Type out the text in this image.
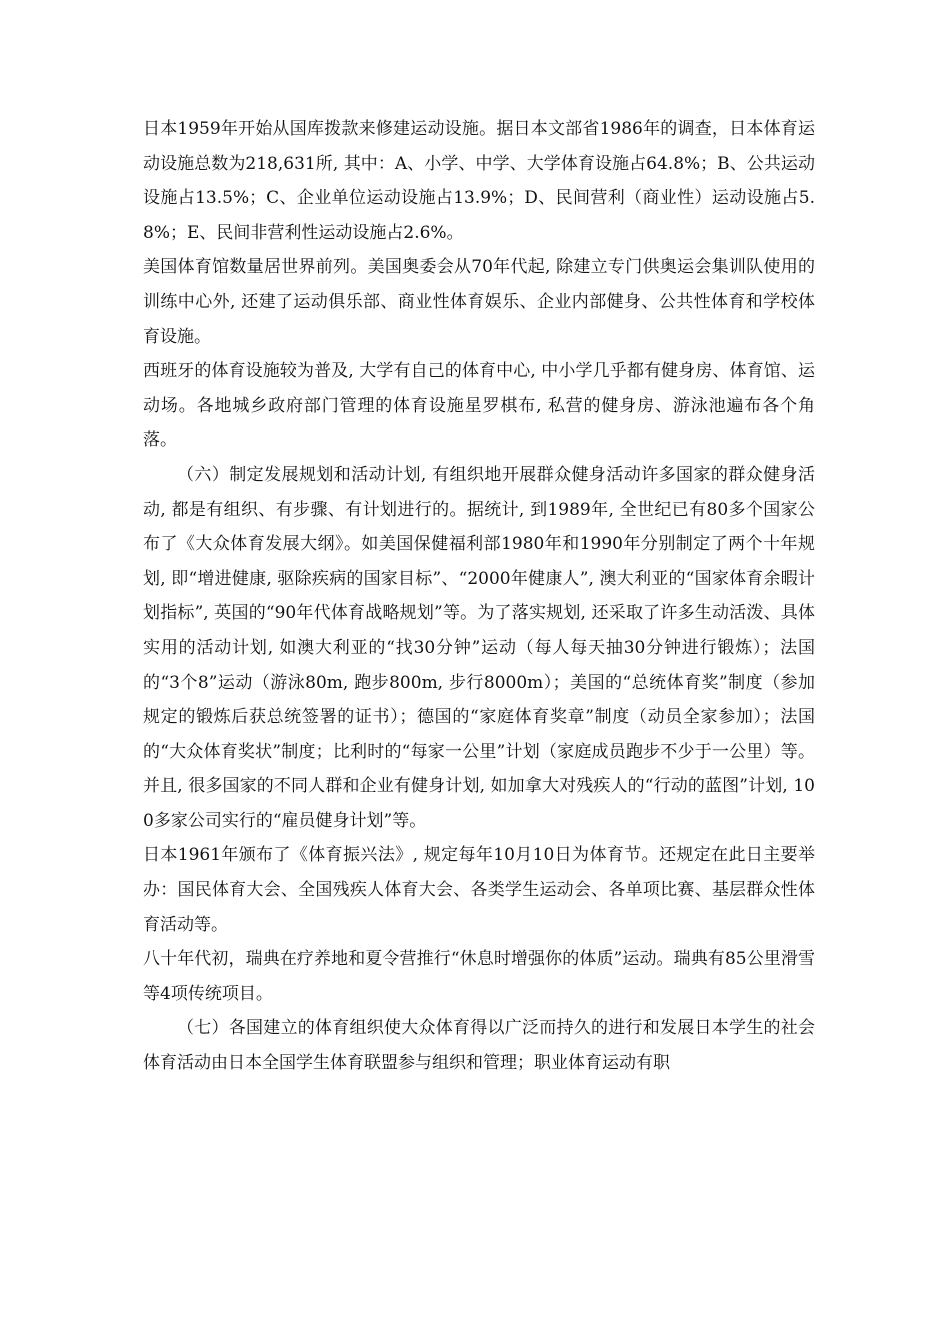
日本1959年开始从国库拨款来修建运动设施。据日本文部省1986年的调查，日本体育运动设施总数为218,631所, 其中：A、小学、中学、大学体育设施占64.8%；B、公共运动设施占13.5%；C、企业单位运动设施占13.9%；D、民间营利（商业性）运动设施占5.8%；E、民间非营利性运动设施占2.6%。

美国体育馆数量居世界前列。美国奥委会从70年代起, 除建立专门供奥运会集训队使用的训练中心外, 还建了运动俱乐部、商业性体育娱乐、企业内部健身、公共性体育和学校体育设施。

西班牙的体育设施较为普及, 大学有自己的体育中心, 中小学几乎都有健身房、体育馆、运动场。各地城乡政府部门管理的体育设施星罗棋布, 私营的健身房、游泳池遍布各个角落。

（六）制定发展规划和活动计划, 有组织地开展群众健身活动许多国家的群众健身活动, 都是有组织、有步骤、有计划进行的。据统计, 到1989年, 全世纪已有80多个国家公布了《大众体育发展大纲》。如美国保健福利部1980年和1990年分别制定了两个十年规划, 即“增进健康, 驱除疾病的国家目标”、“2000年健康人”, 澳大利亚的“国家体育余暇计划指标”, 英国的“90年代体育战略规划”等。为了落实规划, 还采取了许多生动活泼、具体实用的活动计划, 如澳大利亚的“找30分钟”运动（每人每天抽30分钟进行锻炼）；法国的“3个8”运动（游泳80m, 跑步800m, 步行8000m）；美国的“总统体育奖”制度（参加规定的锻炼后获总统签署的证书）；德国的“家庭体育奖章”制度（动员全家参加）；法国的“大众体育奖状”制度；比利时的“每家一公里”计划（家庭成员跑步不少于一公里）等。并且, 很多国家的不同人群和企业有健身计划, 如加拿大对残疾人的“行动的蓝图”计划, 100多家公司实行的“雇员健身计划”等。

日本1961年颁布了《体育振兴法》, 规定每年10月10日为体育节。还规定在此日主要举办：国民体育大会、全国残疾人体育大会、各类学生运动会、各单项比赛、基层群众性体育活动等。

八十年代初，瑞典在疗养地和夏令营推行“休息时增强你的体质”运动。瑞典有85公里滑雪等4项传统项目。

（七）各国建立的体育组织使大众体育得以广泛而持久的进行和发展日本学生的社会体育活动由日本全国学生体育联盟参与组织和管理；职业体育运动有职
